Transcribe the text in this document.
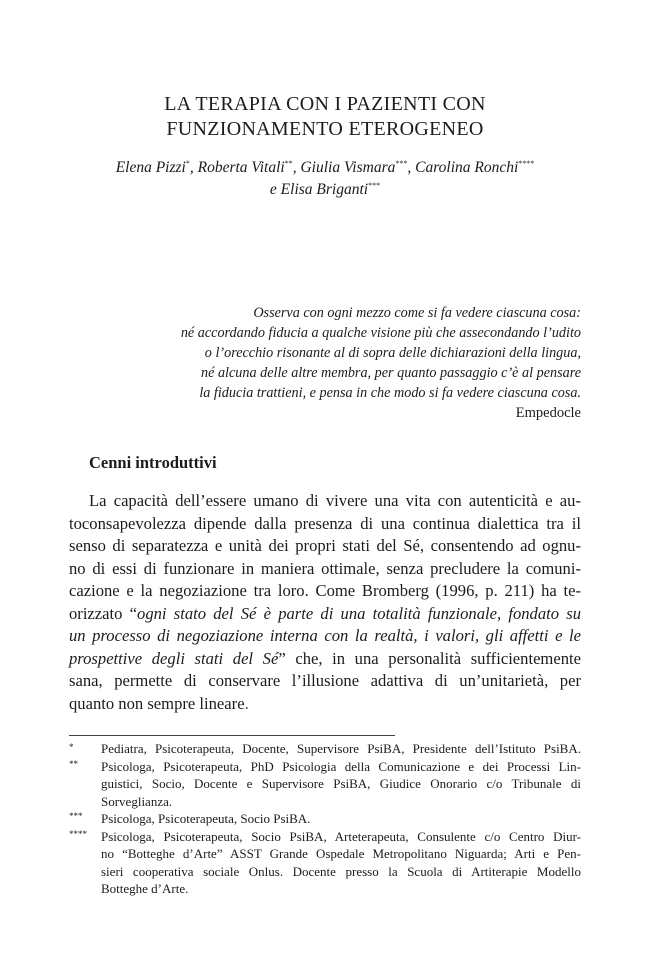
LA TERAPIA CON I PAZIENTI CON
FUNZIONAMENTO ETEROGENEO
Elena Pizzi*, Roberta Vitali**, Giulia Vismara***, Carolina Ronchi****
e Elisa Briganti***
Osserva con ogni mezzo come si fa vedere ciascuna cosa:
né accordando fiducia a qualche visione più che assecondando l’udito
o l’orecchio risonante al di sopra delle dichiarazioni della lingua,
né alcuna delle altre membra, per quanto passaggio c’è al pensare
la fiducia trattieni, e pensa in che modo si fa vedere ciascuna cosa.
Empedocle
Cenni introduttivi
La capacità dell’essere umano di vivere una vita con autenticità e au-
toconsapevolezza dipende dalla presenza di una continua dialettica tra il
senso di separatezza e unità dei propri stati del Sé, consentendo ad ognu-
no di essi di funzionare in maniera ottimale, senza precludere la comuni-
cazione e la negoziazione tra loro. Come Bromberg (1996, p. 211) ha te-
orizzato “ogni stato del Sé è parte di una totalità funzionale, fondato su
un processo di negoziazione interna con la realtà, i valori, gli affetti e le
prospettive degli stati del Sé” che, in una personalità sufficientemente
sana, permette di conservare l’illusione adattiva di un’unitarietà, per
quanto non sempre lineare.
* Pediatra, Psicoterapeuta, Docente, Supervisore PsiBA, Presidente dell’Istituto PsiBA.
** Psicologa, Psicoterapeuta, PhD Psicologia della Comunicazione e dei Processi Lin-
guistici, Socio, Docente e Supervisore PsiBA, Giudice Onorario c/o Tribunale di
Sorveglianza.
*** Psicologa, Psicoterapeuta, Socio PsiBA.
**** Psicologa, Psicoterapeuta, Socio PsiBA, Arteterapeuta, Consulente c/o Centro Diur-
no “Botteghe d’Arte” ASST Grande Ospedale Metropolitano Niguarda; Arti e Pen-
sieri cooperativa sociale Onlus. Docente presso la Scuola di Artiterapie Modello
Botteghe d’Arte.
